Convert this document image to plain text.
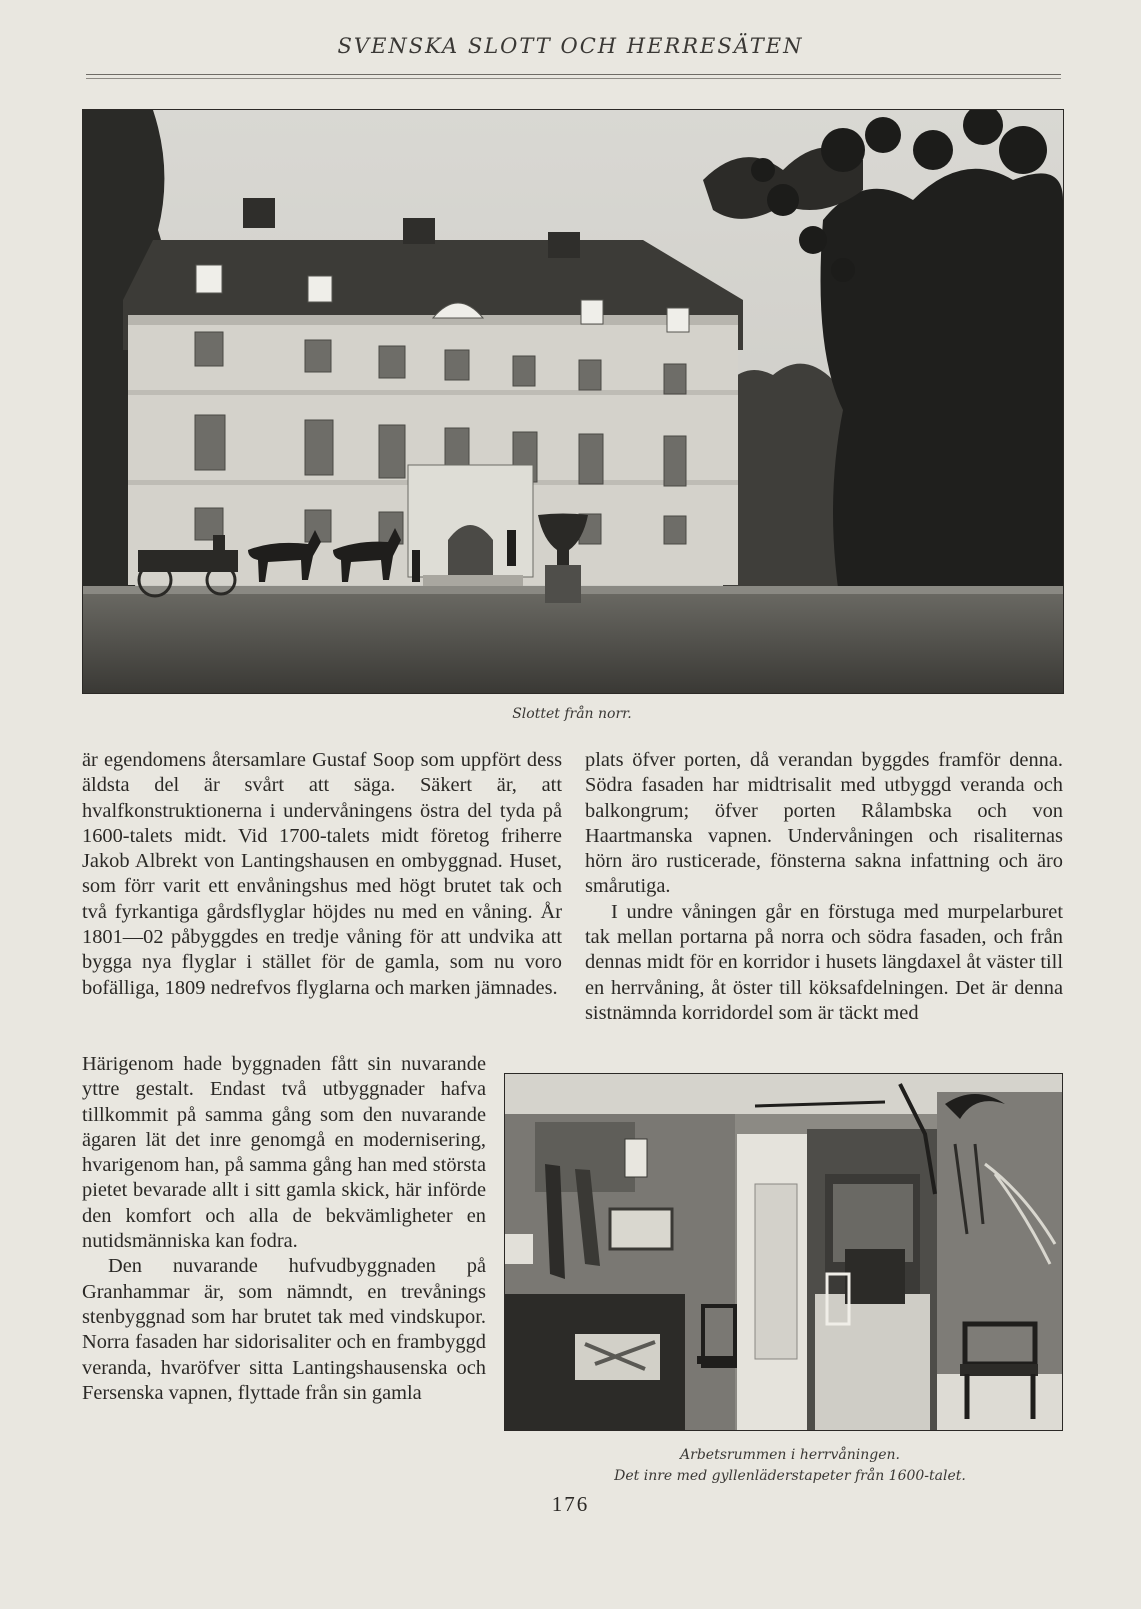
SVENSKA SLOTT OCH HERRESÄTEN
Slottet från norr.

är egendomens återsamlare Gustaf Soop som uppfört dess äldsta del är svårt att säga. Säkert är, att hvalfkonstruktionerna i undervåningens östra del tyda på 1600-talets midt. Vid 1700-talets midt företog friherre Jakob Albrekt von Lantingshausen en ombyggnad. Huset, som förr varit ett envåningshus med högt brutet tak och två fyrkantiga gårdsflyglar höjdes nu med en våning. År 1801—02 påbyggdes en tredje våning för att undvika att bygga nya flyglar i stället för de gamla, som nu voro bofälliga, 1809 nedrefvos flyglarna och marken jämnades.

Härigenom hade byggnaden fått sin nuvarande yttre gestalt. Endast två utbyggnader hafva tillkommit på samma gång som den nuvarande ägaren lät det inre genomgå en modernisering, hvarigenom han, på samma gång han med största pietet bevarade allt i sitt gamla skick, här införde den komfort och alla de bekvämligheter en nutidsmänniska kan fodra.

Den nuvarande hufvudbyggnaden på Granhammar är, som nämndt, en trevånings stenbyggnad som har brutet tak med vindskupor. Norra fasaden har sidorisaliter och en frambyggd veranda, hvaröfver sitta Lantingshausenska och Fersenska vapnen, flyttade från sin gamla

plats öfver porten, då verandan byggdes framför denna. Södra fasaden har midtrisalit med utbyggd veranda och balkongrum; öfver porten Rålambska och von Haartmanska vapnen. Undervåningen och risaliternas hörn äro rusticerade, fönsterna sakna infattning och äro smårutiga.

I undre våningen går en förstuga med murpelarburet tak mellan portarna på norra och södra fasaden, och från dennas midt för en korridor i husets längdaxel åt väster till en herrvåning, åt öster till köksafdelningen. Det är denna sistnämnda korridordel som är täckt med

Arbetsrummen i herrvåningen.
Det inre med gyllenläderstapeter från 1600-talet.
176
